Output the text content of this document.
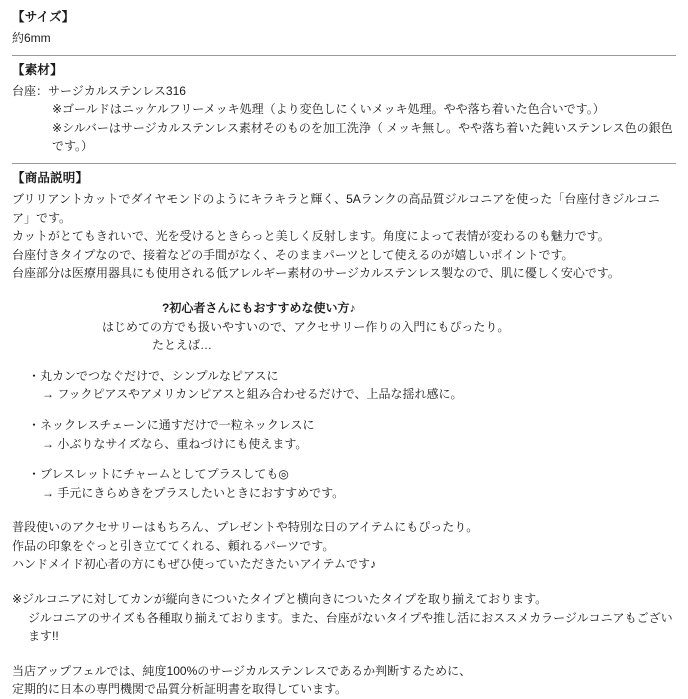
【サイズ】
約6mm
【素材】
台座：サージカルステンレス316
※ゴールドはニッケルフリーメッキ処理（より変色しにくいメッキ処理。やや落ち着いた色合いです。）
※シルバーはサージカルステンレス素材そのものを加工洗浄（ メッキ無し。やや落ち着いた鈍いステンレス色の銀色です。）
【商品説明】
ブリリアントカットでダイヤモンドのようにキラキラと輝く、5Aランクの高品質ジルコニアを使った「台座付きジルコニア」です。
カットがとてもきれいで、光を受けるときらっと美しく反射します。角度によって表情が変わるのも魅力です。
台座付きタイプなので、接着などの手間がなく、そのままパーツとして使えるのが嬉しいポイントです。
台座部分は医療用器具にも使用される低アレルギー素材のサージカルステンレス製なので、肌に優しく安心です。
?初心者さんにもおすすめな使い方♪
はじめての方でも扱いやすいので、アクセサリー作りの入門にもぴったり。
たとえば…
・丸カンでつなぐだけで、シンプルなピアスに
→ フックピアスやアメリカンピアスと組み合わせるだけで、上品な揺れ感に。
・ネックレスチェーンに通すだけで一粒ネックレスに
→ 小ぶりなサイズなら、重ねづけにも使えます。
・ブレスレットにチャームとしてプラスしても◎
→ 手元にきらめきをプラスしたいときにおすすめです。
普段使いのアクセサリーはもちろん、プレゼントや特別な日のアイテムにもぴったり。
作品の印象をぐっと引き立ててくれる、頼れるパーツです。
ハンドメイド初心者の方にもぜひ使っていただきたいアイテムです♪
※ジルコニアに対してカンが縦向きについたタイプと横向きについたタイプを取り揃えております。
ジルコニアのサイズも各種取り揃えております。また、台座がないタイプや推し活におススメカラージルコニアもございます!!
当店アップフェルでは、純度100%のサージカルステンレスであるか判断するために、
定期的に日本の専門機関で品質分析証明書を取得しています。
